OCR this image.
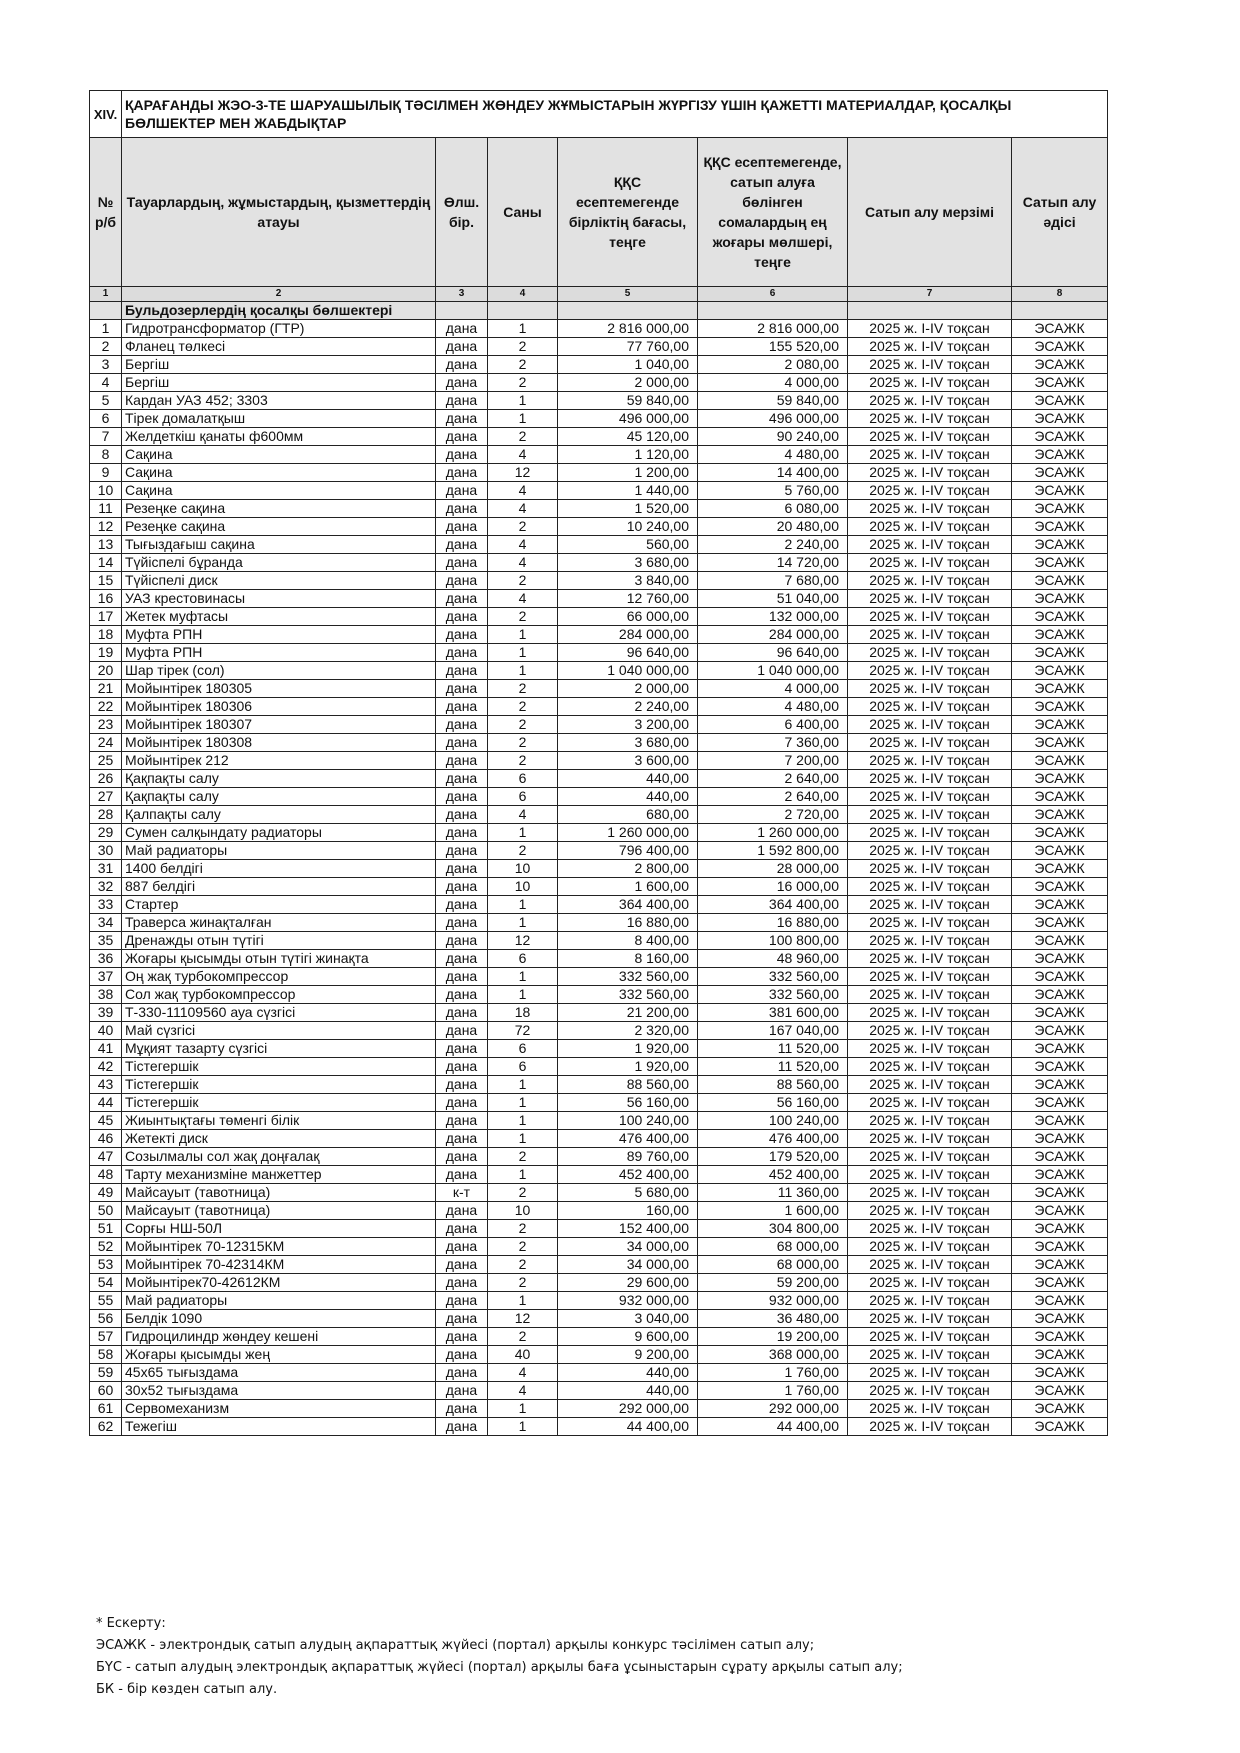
XIV.	ҚАРАҒАНДЫ ЖЭО-3-ТЕ ШАРУАШЫЛЫҚ ТӘСІЛМЕН ЖӨНДЕУ ЖҰМЫСТАРЫН ЖҮРГІЗУ ҮШІН ҚАЖЕТТІ МАТЕРИАЛДАР, ҚОСАЛҚЫ БӨЛШЕКТЕР МЕН ЖАБДЫҚТАР						
№ р/б	Тауарлардың, жұмыстардың, қызметтердің атауы	Өлш. бір.	Саны	ҚҚС есептемегенде бірліктің бағасы, теңге	ҚҚС есептемегенде, сатып алуға бөлінген сомалардың ең жоғары мөлшері, теңге	Сатып алу мерзімі	Сатып алу әдісі
1	2	3	4	5	6	7	8
	Бульдозерлердің қосалқы бөлшектері						
1	Гидротрансформатор (ГТР)	дана	1	2 816 000,00	2 816 000,00	2025 ж. I-IV тоқсан	ЭСАЖК
2	Фланец төлкесі	дана	2	77 760,00	155 520,00	2025 ж. I-IV тоқсан	ЭСАЖК
3	Бергіш	дана	2	1 040,00	2 080,00	2025 ж. I-IV тоқсан	ЭСАЖК
4	Бергіш	дана	2	2 000,00	4 000,00	2025 ж. I-IV тоқсан	ЭСАЖК
5	Кардан УАЗ 452; 3303	дана	1	59 840,00	59 840,00	2025 ж. I-IV тоқсан	ЭСАЖК
6	Тірек домалатқыш	дана	1	496 000,00	496 000,00	2025 ж. I-IV тоқсан	ЭСАЖК
7	Желдеткіш қанаты ф600мм	дана	2	45 120,00	90 240,00	2025 ж. I-IV тоқсан	ЭСАЖК
8	Сақина	дана	4	1 120,00	4 480,00	2025 ж. I-IV тоқсан	ЭСАЖК
9	Сақина	дана	12	1 200,00	14 400,00	2025 ж. I-IV тоқсан	ЭСАЖК
10	Сақина	дана	4	1 440,00	5 760,00	2025 ж. I-IV тоқсан	ЭСАЖК
11	Резеңке сақина	дана	4	1 520,00	6 080,00	2025 ж. I-IV тоқсан	ЭСАЖК
12	Резеңке сақина	дана	2	10 240,00	20 480,00	2025 ж. I-IV тоқсан	ЭСАЖК
13	Тығыздағыш сақина	дана	4	560,00	2 240,00	2025 ж. I-IV тоқсан	ЭСАЖК
14	Түйіспелі бұранда	дана	4	3 680,00	14 720,00	2025 ж. I-IV тоқсан	ЭСАЖК
15	Түйіспелі диск	дана	2	3 840,00	7 680,00	2025 ж. I-IV тоқсан	ЭСАЖК
16	УАЗ крестовинасы	дана	4	12 760,00	51 040,00	2025 ж. I-IV тоқсан	ЭСАЖК
17	Жетек муфтасы	дана	2	66 000,00	132 000,00	2025 ж. I-IV тоқсан	ЭСАЖК
18	Муфта РПН	дана	1	284 000,00	284 000,00	2025 ж. I-IV тоқсан	ЭСАЖК
19	Муфта РПН	дана	1	96 640,00	96 640,00	2025 ж. I-IV тоқсан	ЭСАЖК
20	Шар тірек (сол)	дана	1	1 040 000,00	1 040 000,00	2025 ж. I-IV тоқсан	ЭСАЖК
21	Мойынтірек 180305	дана	2	2 000,00	4 000,00	2025 ж. I-IV тоқсан	ЭСАЖК
22	Мойынтірек 180306	дана	2	2 240,00	4 480,00	2025 ж. I-IV тоқсан	ЭСАЖК
23	Мойынтірек 180307	дана	2	3 200,00	6 400,00	2025 ж. I-IV тоқсан	ЭСАЖК
24	Мойынтірек 180308	дана	2	3 680,00	7 360,00	2025 ж. I-IV тоқсан	ЭСАЖК
25	Мойынтірек 212	дана	2	3 600,00	7 200,00	2025 ж. I-IV тоқсан	ЭСАЖК
26	Қақпақты салу	дана	6	440,00	2 640,00	2025 ж. I-IV тоқсан	ЭСАЖК
27	Қақпақты салу	дана	6	440,00	2 640,00	2025 ж. I-IV тоқсан	ЭСАЖК
28	Қалпақты салу	дана	4	680,00	2 720,00	2025 ж. I-IV тоқсан	ЭСАЖК
29	Сумен салқындату радиаторы	дана	1	1 260 000,00	1 260 000,00	2025 ж. I-IV тоқсан	ЭСАЖК
30	Май радиаторы	дана	2	796 400,00	1 592 800,00	2025 ж. I-IV тоқсан	ЭСАЖК
31	1400 белдігі	дана	10	2 800,00	28 000,00	2025 ж. I-IV тоқсан	ЭСАЖК
32	887 белдігі	дана	10	1 600,00	16 000,00	2025 ж. I-IV тоқсан	ЭСАЖК
33	Стартер	дана	1	364 400,00	364 400,00	2025 ж. I-IV тоқсан	ЭСАЖК
34	Траверса жинақталған	дана	1	16 880,00	16 880,00	2025 ж. I-IV тоқсан	ЭСАЖК
35	Дренажды отын түтігі	дана	12	8 400,00	100 800,00	2025 ж. I-IV тоқсан	ЭСАЖК
36	Жоғары қысымды отын түтігі жинақта	дана	6	8 160,00	48 960,00	2025 ж. I-IV тоқсан	ЭСАЖК
37	Оң жақ турбокомпрессор	дана	1	332 560,00	332 560,00	2025 ж. I-IV тоқсан	ЭСАЖК
38	Сол жақ турбокомпрессор	дана	1	332 560,00	332 560,00	2025 ж. I-IV тоқсан	ЭСАЖК
39	Т-330-11109560 ауа сүзгісі	дана	18	21 200,00	381 600,00	2025 ж. I-IV тоқсан	ЭСАЖК
40	Май сүзгісі	дана	72	2 320,00	167 040,00	2025 ж. I-IV тоқсан	ЭСАЖК
41	Мұқият тазарту сүзгісі	дана	6	1 920,00	11 520,00	2025 ж. I-IV тоқсан	ЭСАЖК
42	Тістегершік	дана	6	1 920,00	11 520,00	2025 ж. I-IV тоқсан	ЭСАЖК
43	Тістегершік	дана	1	88 560,00	88 560,00	2025 ж. I-IV тоқсан	ЭСАЖК
44	Тістегершік	дана	1	56 160,00	56 160,00	2025 ж. I-IV тоқсан	ЭСАЖК
45	Жиынтықтағы төменгі білік	дана	1	100 240,00	100 240,00	2025 ж. I-IV тоқсан	ЭСАЖК
46	Жетекті диск	дана	1	476 400,00	476 400,00	2025 ж. I-IV тоқсан	ЭСАЖК
47	Созылмалы сол жақ доңғалақ	дана	2	89 760,00	179 520,00	2025 ж. I-IV тоқсан	ЭСАЖК
48	Тарту механизміне манжеттер	дана	1	452 400,00	452 400,00	2025 ж. I-IV тоқсан	ЭСАЖК
49	Майсауыт (тавотница)	к-т	2	5 680,00	11 360,00	2025 ж. I-IV тоқсан	ЭСАЖК
50	Майсауыт (тавотница)	дана	10	160,00	1 600,00	2025 ж. I-IV тоқсан	ЭСАЖК
51	Сорғы НШ-50Л	дана	2	152 400,00	304 800,00	2025 ж. I-IV тоқсан	ЭСАЖК
52	Мойынтірек 70-12315КМ	дана	2	34 000,00	68 000,00	2025 ж. I-IV тоқсан	ЭСАЖК
53	Мойынтірек 70-42314КМ	дана	2	34 000,00	68 000,00	2025 ж. I-IV тоқсан	ЭСАЖК
54	Мойынтірек70-42612КМ	дана	2	29 600,00	59 200,00	2025 ж. I-IV тоқсан	ЭСАЖК
55	Май радиаторы	дана	1	932 000,00	932 000,00	2025 ж. I-IV тоқсан	ЭСАЖК
56	Белдік 1090	дана	12	3 040,00	36 480,00	2025 ж. I-IV тоқсан	ЭСАЖК
57	Гидроцилиндр жөндеу кешені	дана	2	9 600,00	19 200,00	2025 ж. I-IV тоқсан	ЭСАЖК
58	Жоғары қысымды жең	дана	40	9 200,00	368 000,00	2025 ж. I-IV тоқсан	ЭСАЖК
59	45х65 тығыздама	дана	4	440,00	1 760,00	2025 ж. I-IV тоқсан	ЭСАЖК
60	30х52 тығыздама	дана	4	440,00	1 760,00	2025 ж. I-IV тоқсан	ЭСАЖК
61	Сервомеханизм	дана	1	292 000,00	292 000,00	2025 ж. I-IV тоқсан	ЭСАЖК
62	Тежегіш	дана	1	44 400,00	44 400,00	2025 ж. I-IV тоқсан	ЭСАЖК
* Ескерту:
ЭСАЖК - электрондық сатып алудың ақпараттық жүйесі (портал) арқылы конкурс тәсілімен сатып алу;
БҮС - сатып алудың электрондық ақпараттық жүйесі (портал) арқылы баға ұсыныстарын сұрату арқылы сатып алу;
БК - бір көзден сатып алу.
